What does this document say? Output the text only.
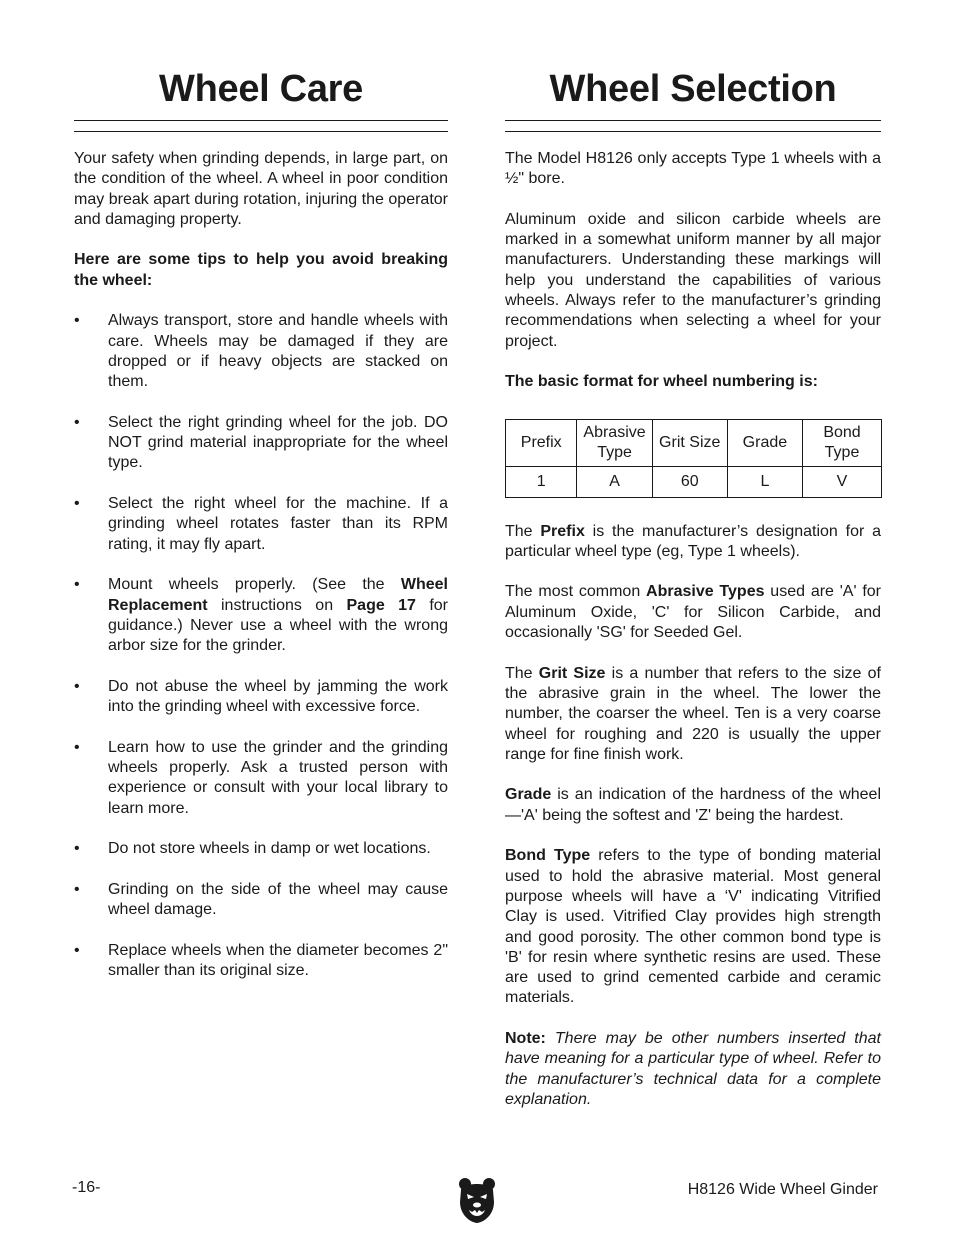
Wheel Care

Your safety when grinding depends, in large part, on the condition of the wheel. A wheel in poor condition may break apart during rotation, injuring the operator and damaging property.

Here are some tips to help you avoid breaking the wheel:

• Always transport, store and handle wheels with care. Wheels may be damaged if they are dropped or if heavy objects are stacked on them.
• Select the right grinding wheel for the job. DO NOT grind material inappropriate for the wheel type.
• Select the right wheel for the machine. If a grinding wheel rotates faster than its RPM rating, it may fly apart.
• Mount wheels properly. (See the Wheel Replacement instructions on Page 17 for guidance.) Never use a wheel with the wrong arbor size for the grinder.
• Do not abuse the wheel by jamming the work into the grinding wheel with excessive force.
• Learn how to use the grinder and the grinding wheels properly. Ask a trusted person with experience or consult with your local library to learn more.
• Do not store wheels in damp or wet locations.
• Grinding on the side of the wheel may cause wheel damage.
• Replace wheels when the diameter becomes 2" smaller than its original size.
Wheel Selection

The Model H8126 only accepts Type 1 wheels with a ½" bore.

Aluminum oxide and silicon carbide wheels are marked in a somewhat uniform manner by all major manufacturers. Understanding these markings will help you understand the capabilities of various wheels. Always refer to the manufacturer’s grinding recommendations when selecting a wheel for your project.

The basic format for wheel numbering is:

Prefix	Abrasive Type	Grit Size	Grade	Bond Type
1	A	60	L	V

The Prefix is the manufacturer’s designation for a particular wheel type (eg, Type 1 wheels).

The most common Abrasive Types used are 'A' for Aluminum Oxide, 'C' for Silicon Carbide, and occasionally 'SG' for Seeded Gel.

The Grit Size is a number that refers to the size of the abrasive grain in the wheel. The lower the number, the coarser the wheel. Ten is a very coarse wheel for roughing and 220 is usually the upper range for fine finish work.

Grade is an indication of the hardness of the wheel—'A' being the softest and 'Z' being the hardest.

Bond Type refers to the type of bonding material used to hold the abrasive material. Most general purpose wheels will have a ‘V' indicating Vitrified Clay is used. Vitrified Clay provides high strength and good porosity. The other common bond type is 'B' for resin where synthetic resins are used. These are used to grind cemented carbide and ceramic materials.

Note: There may be other numbers inserted that have meaning for a particular type of wheel. Refer to the manufacturer’s technical data for a complete explanation.

-16-	H8126 Wide Wheel Ginder
